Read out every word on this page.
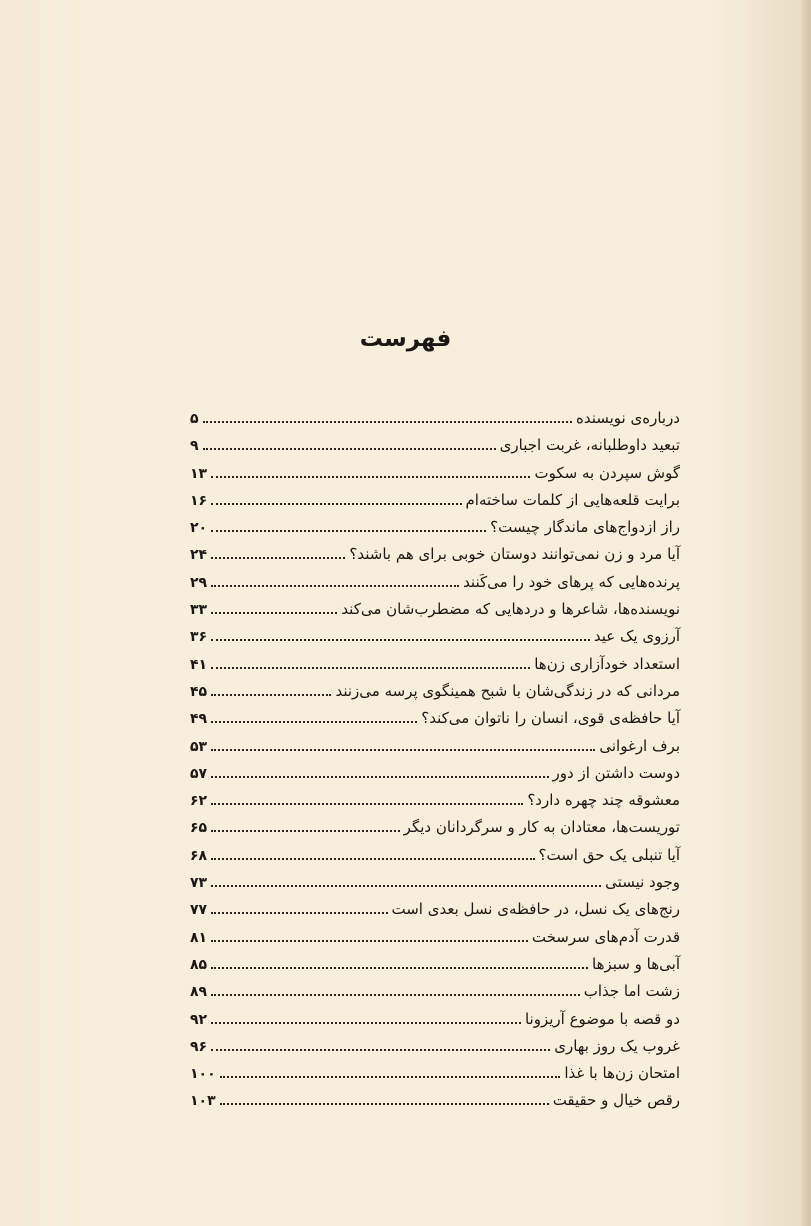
فهرست
درباره‌ی نویسنده
۵
تبعید داوطلبانه، غربت اجباری
۹
گوش سپردن به سکوت
۱۳
برایت قلعه‌هایی از کلمات ساخته‌ام
۱۶
راز ازدواج‌های ماندگار چیست؟
۲۰
آیا مرد و زن نمی‌توانند دوستان خوبی برای هم باشند؟
۲۴
پرنده‌هایی که پرهای خود را می‌کَنند
۲۹
نویسنده‌ها، شاعرها و دردهایی که مضطرب‌شان می‌کند
۳۳
آرزوی یک عید
۳۶
استعداد خودآزاری زن‌ها
۴۱
مردانی که در زندگی‌شان با شبح همینگوی پرسه می‌زنند
۴۵
آیا حافظه‌ی قوی، انسان را ناتوان می‌کند؟
۴۹
برف ارغوانی
۵۳
دوست داشتن از دور
۵۷
معشوقه چند چهره دارد؟
۶۲
توریست‌ها، معتادان به کار و سرگردانان دیگر
۶۵
آیا تنبلی یک حق است؟
۶۸
وجود نیستی
۷۳
رنج‌های یک نسل، در حافظه‌ی نسل بعدی است
۷۷
قدرت آدم‌های سرسخت
۸۱
آبی‌ها و سبزها
۸۵
زشت اما جذاب
۸۹
دو قصه با موضوع آریزونا
۹۲
غروب یک روز بهاری
۹۶
امتحان زن‌ها با غذا
۱۰۰
رقص خیال و حقیقت
۱۰۳
